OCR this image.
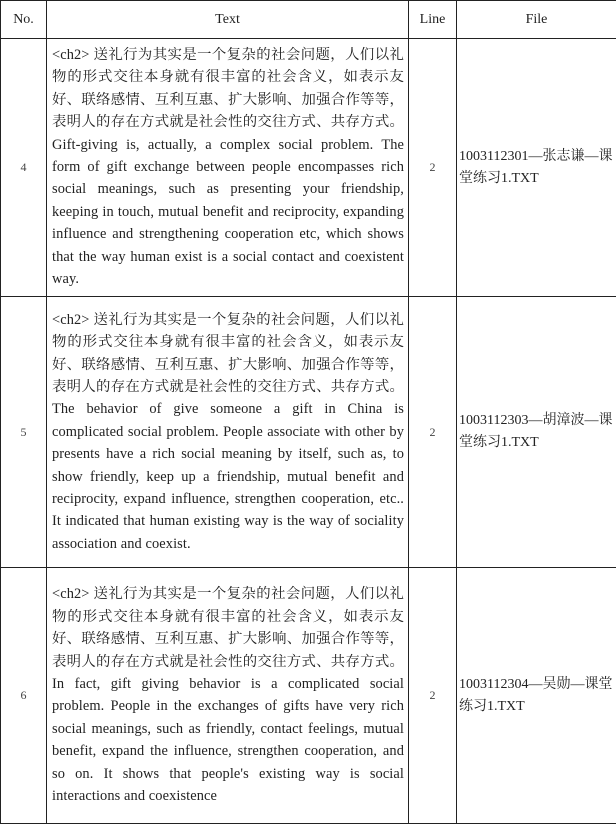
No.	Text	Line	File
4	<ch2> 送礼行为其实是一个复杂的社会问题，人们以礼物的形式交往本身就有很丰富的社会含义，如表示友好、联络感情、互利互惠、扩大影响、加强合作等等，表明人的存在方式就是社会性的交往方式、共存方式。Gift-giving is, actually, a complex social problem. The form of gift exchange between people encompasses rich social meanings, such as presenting your friendship, keeping in touch, mutual benefit and reciprocity, expanding influence and strengthening cooperation etc, which shows that the way human exist is a social contact and coexistent way.	2	1003112301—张志谦—课堂练习1.TXT
5	<ch2> 送礼行为其实是一个复杂的社会问题，人们以礼物的形式交往本身就有很丰富的社会含义，如表示友好、联络感情、互利互惠、扩大影响、加强合作等等，表明人的存在方式就是社会性的交往方式、共存方式。The behavior of give someone a gift in China is complicated social problem. People associate with other by presents have a rich social meaning by itself, such as, to show friendly, keep up a friendship, mutual benefit and reciprocity, expand influence, strengthen cooperation, etc.. It indicated that human existing way is the way of sociality association and coexist.	2	1003112303—胡漳波—课堂练习1.TXT
6	<ch2> 送礼行为其实是一个复杂的社会问题，人们以礼物的形式交往本身就有很丰富的社会含义，如表示友好、联络感情、互利互惠、扩大影响、加强合作等等，表明人的存在方式就是社会性的交往方式、共存方式。In fact, gift giving behavior is a complicated social problem. People in the exchanges of gifts have very rich social meanings, such as friendly, contact feelings, mutual benefit, expand the influence, strengthen cooperation, and so on. It shows that people's existing way is social interactions and coexistence	2	1003112304—吴勋—课堂练习1.TXT
